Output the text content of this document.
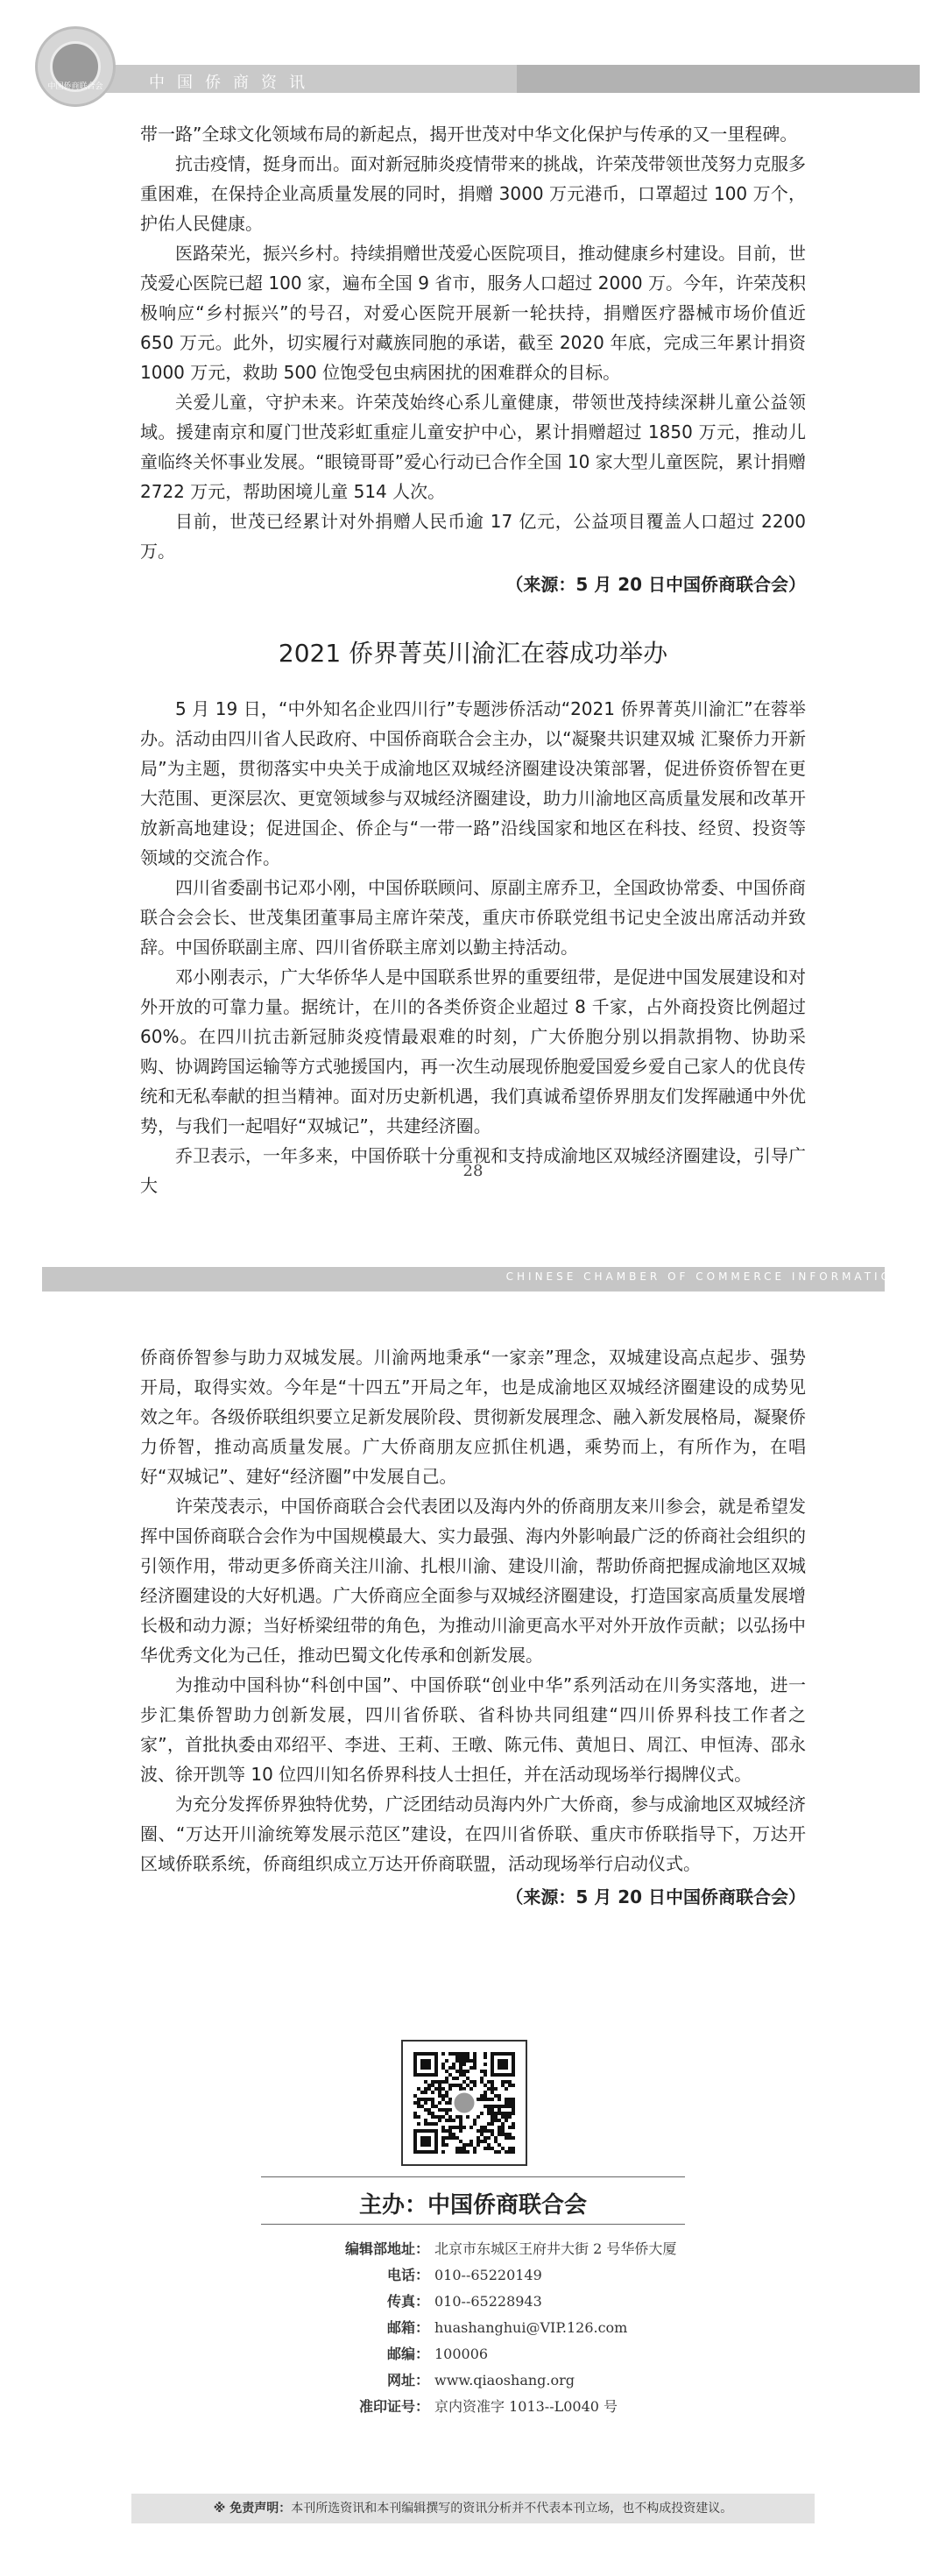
中国侨商资讯
中国侨商联合会

带一路”全球文化领域布局的新起点，揭开世茂对中华文化保护与传承的又一里程碑。

抗击疫情，挺身而出。面对新冠肺炎疫情带来的挑战，许荣茂带领世茂努力克服多重困难，在保持企业高质量发展的同时，捐赠 3000 万元港币，口罩超过 100 万个，护佑人民健康。

医路荣光，振兴乡村。持续捐赠世茂爱心医院项目，推动健康乡村建设。目前，世茂爱心医院已超 100 家，遍布全国 9 省市，服务人口超过 2000 万。今年，许荣茂积极响应“乡村振兴”的号召，对爱心医院开展新一轮扶持，捐赠医疗器械市场价值近 650 万元。此外，切实履行对藏族同胞的承诺，截至 2020 年底，完成三年累计捐资 1000 万元，救助 500 位饱受包虫病困扰的困难群众的目标。

关爱儿童，守护未来。许荣茂始终心系儿童健康，带领世茂持续深耕儿童公益领域。援建南京和厦门世茂彩虹重症儿童安护中心，累计捐赠超过 1850 万元，推动儿童临终关怀事业发展。“眼镜哥哥”爱心行动已合作全国 10 家大型儿童医院，累计捐赠 2722 万元，帮助困境儿童 514 人次。

目前，世茂已经累计对外捐赠人民币逾 17 亿元，公益项目覆盖人口超过 2200 万。

（来源：5 月 20 日中国侨商联合会）

2021 侨界菁英川渝汇在蓉成功举办

5 月 19 日，“中外知名企业四川行”专题涉侨活动“2021 侨界菁英川渝汇”在蓉举办。活动由四川省人民政府、中国侨商联合会主办，以“凝聚共识建双城 汇聚侨力开新局”为主题，贯彻落实中央关于成渝地区双城经济圈建设决策部署，促进侨资侨智在更大范围、更深层次、更宽领域参与双城经济圈建设，助力川渝地区高质量发展和改革开放新高地建设；促进国企、侨企与“一带一路”沿线国家和地区在科技、经贸、投资等领域的交流合作。

四川省委副书记邓小刚，中国侨联顾问、原副主席乔卫，全国政协常委、中国侨商联合会会长、世茂集团董事局主席许荣茂，重庆市侨联党组书记史全波出席活动并致辞。中国侨联副主席、四川省侨联主席刘以勤主持活动。

邓小刚表示，广大华侨华人是中国联系世界的重要纽带，是促进中国发展建设和对外开放的可靠力量。据统计，在川的各类侨资企业超过 8 千家，占外商投资比例超过 60%。在四川抗击新冠肺炎疫情最艰难的时刻，广大侨胞分别以捐款捐物、协助采购、协调跨国运输等方式驰援国内，再一次生动展现侨胞爱国爱乡爱自己家人的优良传统和无私奉献的担当精神。面对历史新机遇，我们真诚希望侨界朋友们发挥融通中外优势，与我们一起唱好“双城记”，共建经济圈。

乔卫表示，一年多来，中国侨联十分重视和支持成渝地区双城经济圈建设，引导广大

28
CHINESE CHAMBER OF COMMERCE INFORMATION

侨商侨智参与助力双城发展。川渝两地秉承“一家亲”理念，双城建设高点起步、强势开局，取得实效。今年是“十四五”开局之年，也是成渝地区双城经济圈建设的成势见效之年。各级侨联组织要立足新发展阶段、贯彻新发展理念、融入新发展格局，凝聚侨力侨智，推动高质量发展。广大侨商朋友应抓住机遇，乘势而上，有所作为，在唱好“双城记”、建好“经济圈”中发展自己。

许荣茂表示，中国侨商联合会代表团以及海内外的侨商朋友来川参会，就是希望发挥中国侨商联合会作为中国规模最大、实力最强、海内外影响最广泛的侨商社会组织的引领作用，带动更多侨商关注川渝、扎根川渝、建设川渝，帮助侨商把握成渝地区双城经济圈建设的大好机遇。广大侨商应全面参与双城经济圈建设，打造国家高质量发展增长极和动力源；当好桥梁纽带的角色，为推动川渝更高水平对外开放作贡献；以弘扬中华优秀文化为己任，推动巴蜀文化传承和创新发展。

为推动中国科协“科创中国”、中国侨联“创业中华”系列活动在川务实落地，进一步汇集侨智助力创新发展，四川省侨联、省科协共同组建“四川侨界科技工作者之家”，首批执委由邓绍平、李进、王莉、王暾、陈元伟、黄旭日、周江、申恒涛、邵永波、徐开凯等 10 位四川知名侨界科技人士担任，并在活动现场举行揭牌仪式。

为充分发挥侨界独特优势，广泛团结动员海内外广大侨商，参与成渝地区双城经济圈、“万达开川渝统筹发展示范区”建设，在四川省侨联、重庆市侨联指导下，万达开区域侨联系统，侨商组织成立万达开侨商联盟，活动现场举行启动仪式。

（来源：5 月 20 日中国侨商联合会）

主办：中国侨商联合会
编辑部地址： 北京市东城区王府井大街 2 号华侨大厦
电话： 010--65220149
传真： 010--65228943
邮箱： huashanghui@VIP.126.com
邮编： 100006
网址： www.qiaoshang.org
准印证号： 京内资准字 1013--L0040 号
※ 免责声明：本刊所选资讯和本刊编辑撰写的资讯分析并不代表本刊立场，也不构成投资建议。
